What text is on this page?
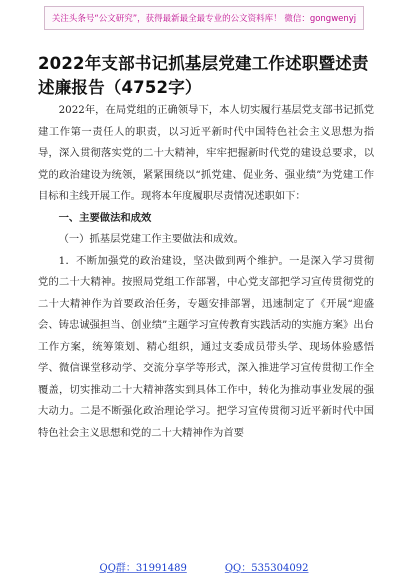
关注头条号“公文研究”，获得最新最全最专业的公文资料库！ 微信：gongwenyj
2022年支部书记抓基层党建工作述职暨述责述廉报告（4752字）

2022年，在局党组的正确领导下，本人切实履行基层党支部书记抓党建工作第一责任人的职责，以习近平新时代中国特色社会主义思想为指导，深入贯彻落实党的二十大精神，牢牢把握新时代党的建设总要求，以党的政治建设为统领，紧紧围绕以“抓党建、促业务、强业绩”为党建工作目标和主线开展工作。现将本年度履职尽责情况述职如下：

一、主要做法和成效

（一）抓基层党建工作主要做法和成效。

1．不断加强党的政治建设，坚决做到两个维护。一是深入学习贯彻党的二十大精神。按照局党组工作部署，中心党支部把学习宣传贯彻党的二十大精神作为首要政治任务，专题安排部署，迅速制定了《开展“迎盛会、铸忠诚强担当、创业绩”主题学习宣传教育实践活动的实施方案》出台工作方案，统筹策划、精心组织，通过支委成员带头学、现场体验感悟学、微信课堂移动学、交流分享学等形式，深入推进学习宣传贯彻工作全覆盖，切实推动二十大精神落实到具体工作中，转化为推动事业发展的强大动力。二是不断强化政治理论学习。把学习宣传贯彻习近平新时代中国特色社会主义思想和党的二十大精神作为首要

QQ群：31991489	QQ：535304092
